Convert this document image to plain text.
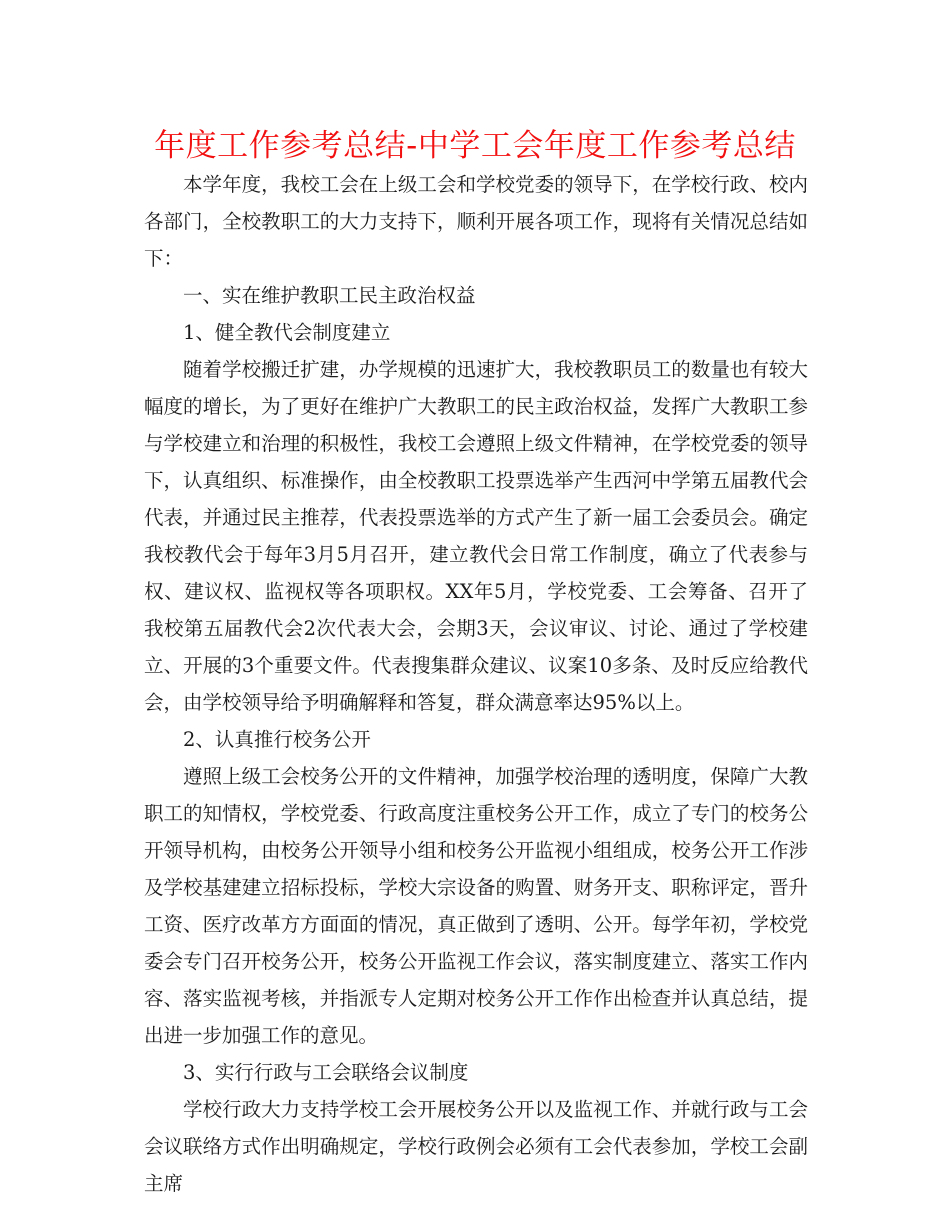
年度工作参考总结-中学工会年度工作参考总结

本学年度，我校工会在上级工会和学校党委的领导下，在学校行政、校内各部门，全校教职工的大力支持下，顺利开展各项工作，现将有关情况总结如下：

一、实在维护教职工民主政治权益

1、健全教代会制度建立

随着学校搬迁扩建，办学规模的迅速扩大，我校教职员工的数量也有较大幅度的增长，为了更好在维护广大教职工的民主政治权益，发挥广大教职工参与学校建立和治理的积极性，我校工会遵照上级文件精神，在学校党委的领导下，认真组织、标准操作，由全校教职工投票选举产生西河中学第五届教代会代表，并通过民主推荐，代表投票选举的方式产生了新一届工会委员会。确定我校教代会于每年3月5月召开，建立教代会日常工作制度，确立了代表参与权、建议权、监视权等各项职权。XX年5月，学校党委、工会筹备、召开了我校第五届教代会2次代表大会，会期3天，会议审议、讨论、通过了学校建立、开展的3个重要文件。代表搜集群众建议、议案10多条、及时反应给教代会，由学校领导给予明确解释和答复，群众满意率达95%以上。

2、认真推行校务公开

遵照上级工会校务公开的文件精神，加强学校治理的透明度，保障广大教职工的知情权，学校党委、行政高度注重校务公开工作，成立了专门的校务公开领导机构，由校务公开领导小组和校务公开监视小组组成，校务公开工作涉及学校基建建立招标投标，学校大宗设备的购置、财务开支、职称评定，晋升工资、医疗改革方方面面的情况，真正做到了透明、公开。每学年初，学校党委会专门召开校务公开，校务公开监视工作会议，落实制度建立、落实工作内容、落实监视考核，并指派专人定期对校务公开工作作出检查并认真总结，提出进一步加强工作的意见。

3、实行行政与工会联络会议制度

学校行政大力支持学校工会开展校务公开以及监视工作、并就行政与工会会议联络方式作出明确规定，学校行政例会必须有工会代表参加，学校工会副主席
